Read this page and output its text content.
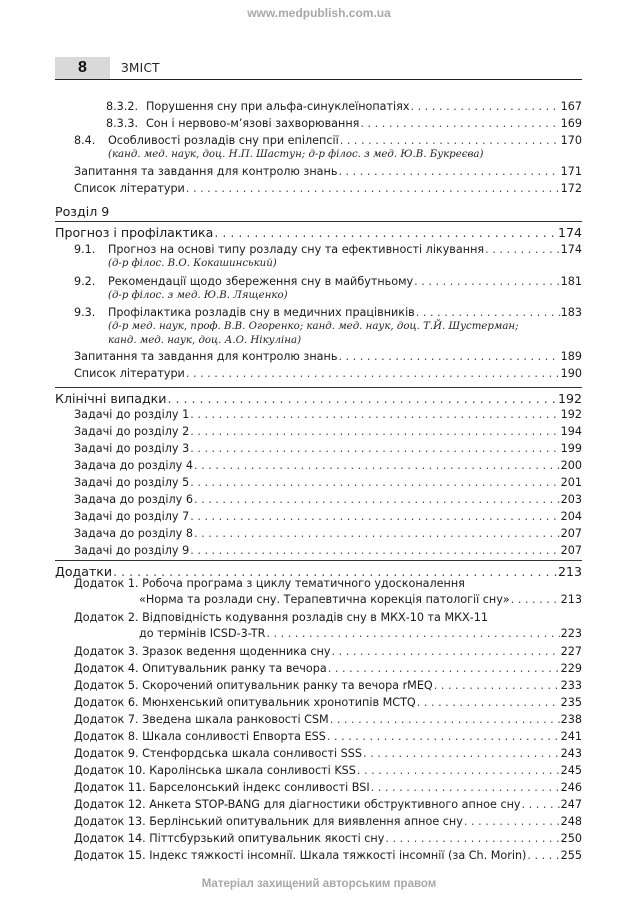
www.medpublish.com.ua
8	ЗМІСТ
8.3.2. Порушення сну при альфа-синуклеїнопатіях . . .	167
8.3.3. Сон і нервово-м’язові захворювання . . .	169
8.4.	Особливості розладів сну при епілепсії . . .	170
(канд. мед. наук, доц. Н.П. Шастун; д-р філос. з мед. Ю.В. Букреєва)
Запитання та завдання для контролю знань . . .	171
Список літератури . . .	172
Розділ 9
Прогноз і профілактика . . .	174
9.1.	Прогноз на основі типу розладу сну та ефективності лікування . . .	174
(д-р філос. В.О. Кокашинський)
9.2.	Рекомендації щодо збереження сну в майбутньому . . .	181
(д-р філос. з мед. Ю.В. Лященко)
9.3.	Профілактика розладів сну в медичних працівників . . .	183
(д-р мед. наук, проф. В.В. Огоренко; канд. мед. наук, доц. Т.Й. Шустерман;
канд. мед. наук, доц. А.О. Нікуліна)
Запитання та завдання для контролю знань . . .	189
Список літератури . . .	190
Клінічні випадки . . .	192
Задачі до розділу 1 . . .	192
Задачі до розділу 2 . . .	194
Задачі до розділу 3 . . .	199
Задача до розділу 4 . . .	200
Задачі до розділу 5 . . .	201
Задача до розділу 6 . . .	203
Задачі до розділу 7 . . .	204
Задача до розділу 8 . . .	207
Задачі до розділу 9 . . .	207
Додатки . . .	213
Додаток 1. Робоча програма з циклу тематичного удосконалення
«Норма та розлади сну. Терапевтична корекція патології сну» . . .	213
Додаток 2. Відповідність кодування розладів сну в МКХ-10 та МКХ-11
до термінів ICSD-3-TR . . .	223
Додаток 3. Зразок ведення щоденника сну . . .	227
Додаток 4. Опитувальник ранку та вечора . . .	229
Додаток 5. Скорочений опитувальник ранку та вечора rMEQ . . .	233
Додаток 6. Мюнхенський опитувальник хронотипів MCTQ . . .	235
Додаток 7. Зведена шкала ранковості CSM . . .	238
Додаток 8. Шкала сонливості Епворта ESS . . .	241
Додаток 9. Стенфордська шкала сонливості SSS . . .	243
Додаток 10. Каролінська шкала сонливості KSS . . .	245
Додаток 11. Барселонський індекс сонливості BSI . . .	246
Додаток 12. Анкета STOP-BANG для діагностики обструктивного апное сну . . .	247
Додаток 13. Берлінський опитувальник для виявлення апное сну . . .	248
Додаток 14. Піттсбурзький опитувальник якості сну . . .	250
Додаток 15. Індекс тяжкості інсомнії. Шкала тяжкості інсомнії (за Ch. Morin) . . .	255
Матеріал захищений авторським правом
